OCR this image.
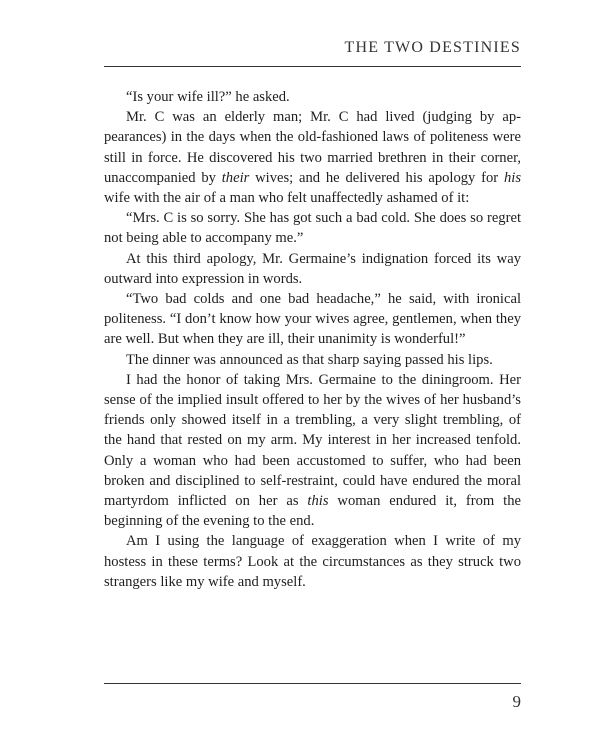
THE TWO DESTINIES

“Is your wife ill?” he asked.

Mr. C was an elderly man; Mr. C had lived (judging by appearances) in the days when the old-fashioned laws of politeness were still in force. He discovered his two married brethren in their corner, unaccompanied by their wives; and he delivered his apology for his wife with the air of a man who felt unaffectedly ashamed of it:

“Mrs. C is so sorry. She has got such a bad cold. She does so regret not being able to accompany me.”

At this third apology, Mr. Germaine’s indignation forced its way outward into expression in words.

“Two bad colds and one bad headache,” he said, with ironical politeness. “I don’t know how your wives agree, gentlemen, when they are well. But when they are ill, their unanimity is wonderful!”

The dinner was announced as that sharp saying passed his lips.

I had the honor of taking Mrs. Germaine to the diningroom. Her sense of the implied insult offered to her by the wives of her husband’s friends only showed itself in a trembling, a very slight trembling, of the hand that rested on my arm. My interest in her increased tenfold. Only a woman who had been accustomed to suffer, who had been broken and disciplined to self-restraint, could have endured the moral martyrdom inflicted on her as this woman endured it, from the beginning of the evening to the end.

Am I using the language of exaggeration when I write of my hostess in these terms? Look at the circumstances as they struck two strangers like my wife and myself.

9
